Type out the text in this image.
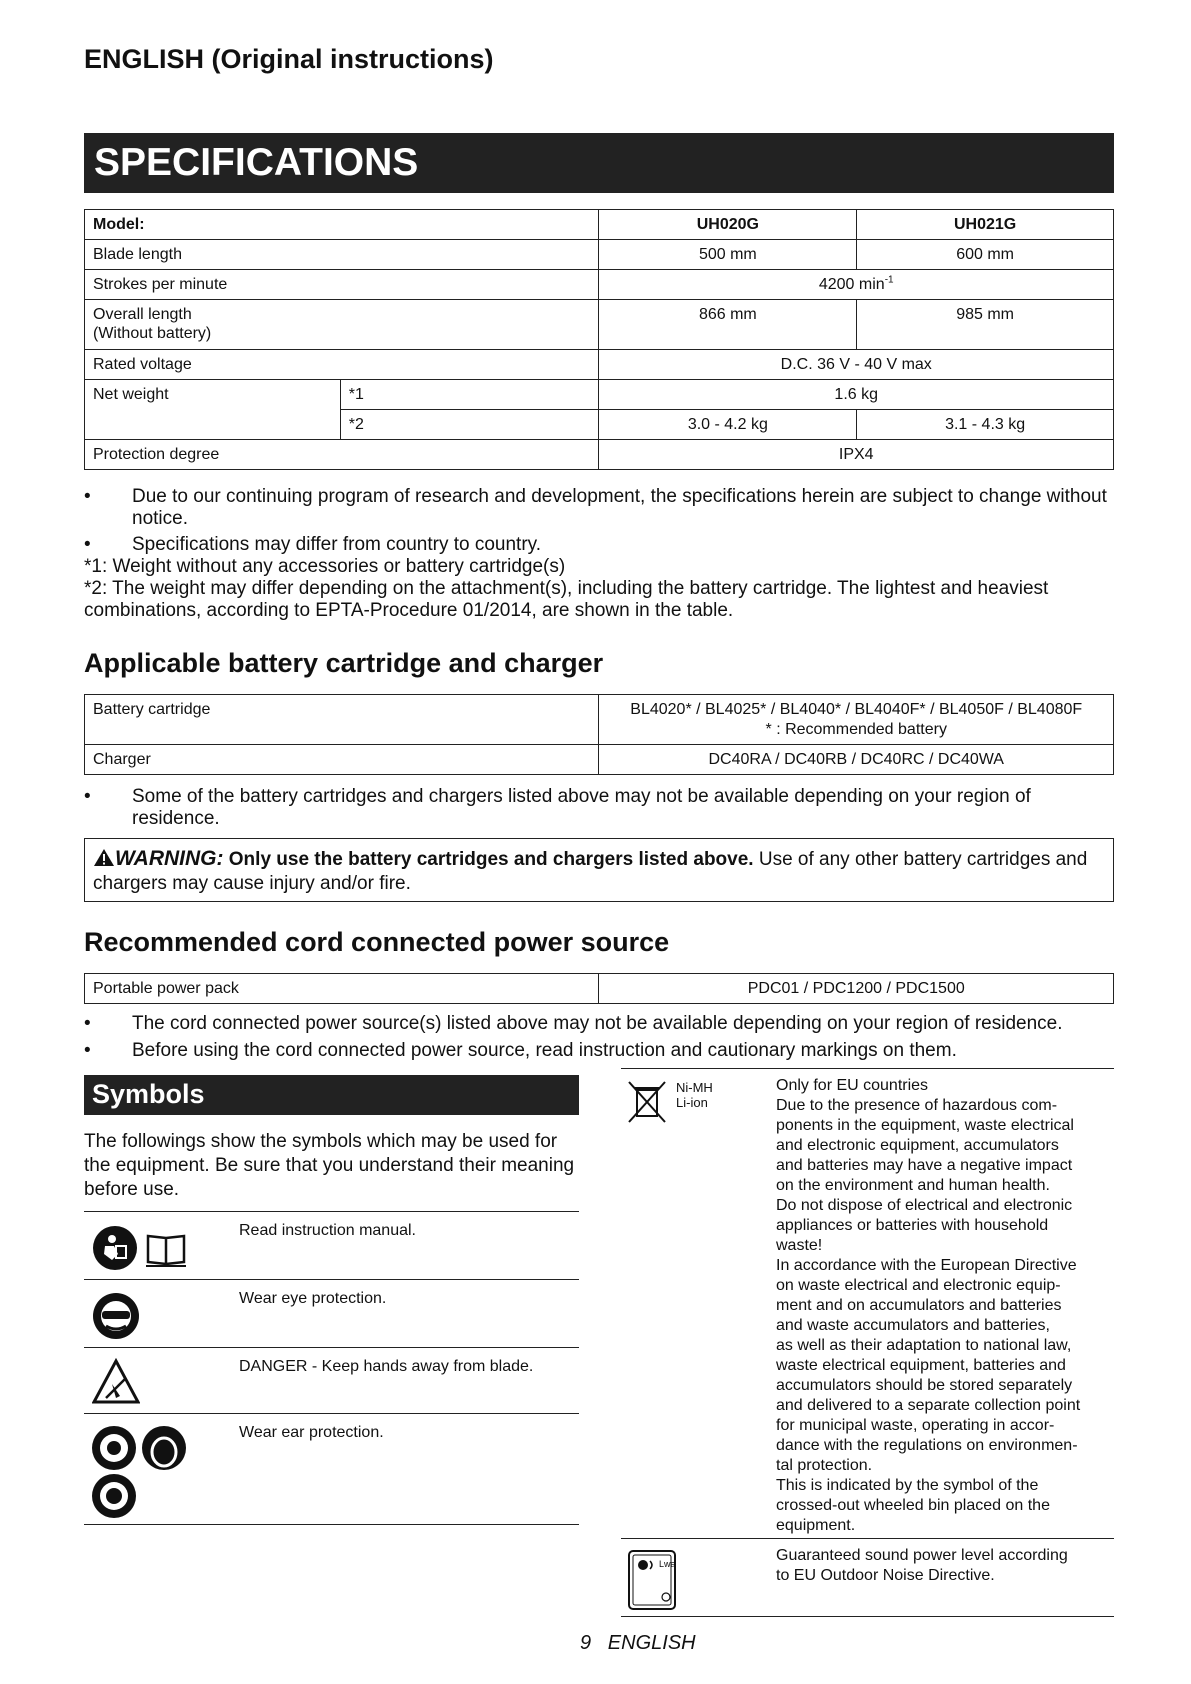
ENGLISH (Original instructions)
SPECIFICATIONS
Model:		UH020G	UH021G
Blade length		500 mm	600 mm
Strokes per minute		4200 $\min^{-1}$

Overall length
(Without battery)		866 mm	985 mm
Rated voltage		D.C. 36 V - 40 V max	
Net weight	*1	1.6 kg	
	*2	3.0 - 4.2 kg	3.1 - 4.3 kg
Protection degree		IPX4	
•	Due to our continuing program of research and development, the specifications herein are subject to change without notice.
•	Specifications may differ from country to country.
*1: Weight without any accessories or battery cartridge(s)
*2: The weight may differ depending on the attachment(s), including the battery cartridge. The lightest and heaviest combinations, according to EPTA-Procedure 01/2014, are shown in the table.
Applicable battery cartridge and charger
Battery cartridge	BL4020* / BL4025* / BL4040* / BL4040F* / BL4050F / BL4080F
* : Recommended battery

Charger	DC40RA / DC40RB / DC40RC / DC40WA
•	Some of the battery cartridges and chargers listed above may not be available depending on your region of residence.
WARNING: Only use the battery cartridges and chargers listed above. Use of any other battery cartridges and chargers may cause injury and/or fire.
Recommended cord connected power source
Portable power pack	PDC01 / PDC1200 / PDC1500
•	The cord connected power source(s) listed above may not be available depending on your region of residence.
•	Before using the cord connected power source, read instruction and cautionary markings on them.
Symbols
The followings show the symbols which may be used for the equipment. Be sure that you understand their meaning before use.
Read instruction manual.
Wear eye protection.
DANGER - Keep hands away from blade.
Wear ear protection.
Ni-MH
Li-ion
Only for EU countries
Due to the presence of hazardous com-
ponents in the equipment, waste electrical
and electronic equipment, accumulators
and batteries may have a negative impact
on the environment and human health.
Do not dispose of electrical and electronic
appliances or batteries with household
waste!
In accordance with the European Directive
on waste electrical and electronic equip-
ment and on accumulators and batteries
and waste accumulators and batteries,
as well as their adaptation to national law,
waste electrical equipment, batteries and
accumulators should be stored separately
and delivered to a separate collection point
for municipal waste, operating in accor-
dance with the regulations on environmen-
tal protection.
This is indicated by the symbol of the
crossed-out wheeled bin placed on the
equipment.
Lwa	Guaranteed sound power level according
to EU Outdoor Noise Directive.
9 ENGLISH
